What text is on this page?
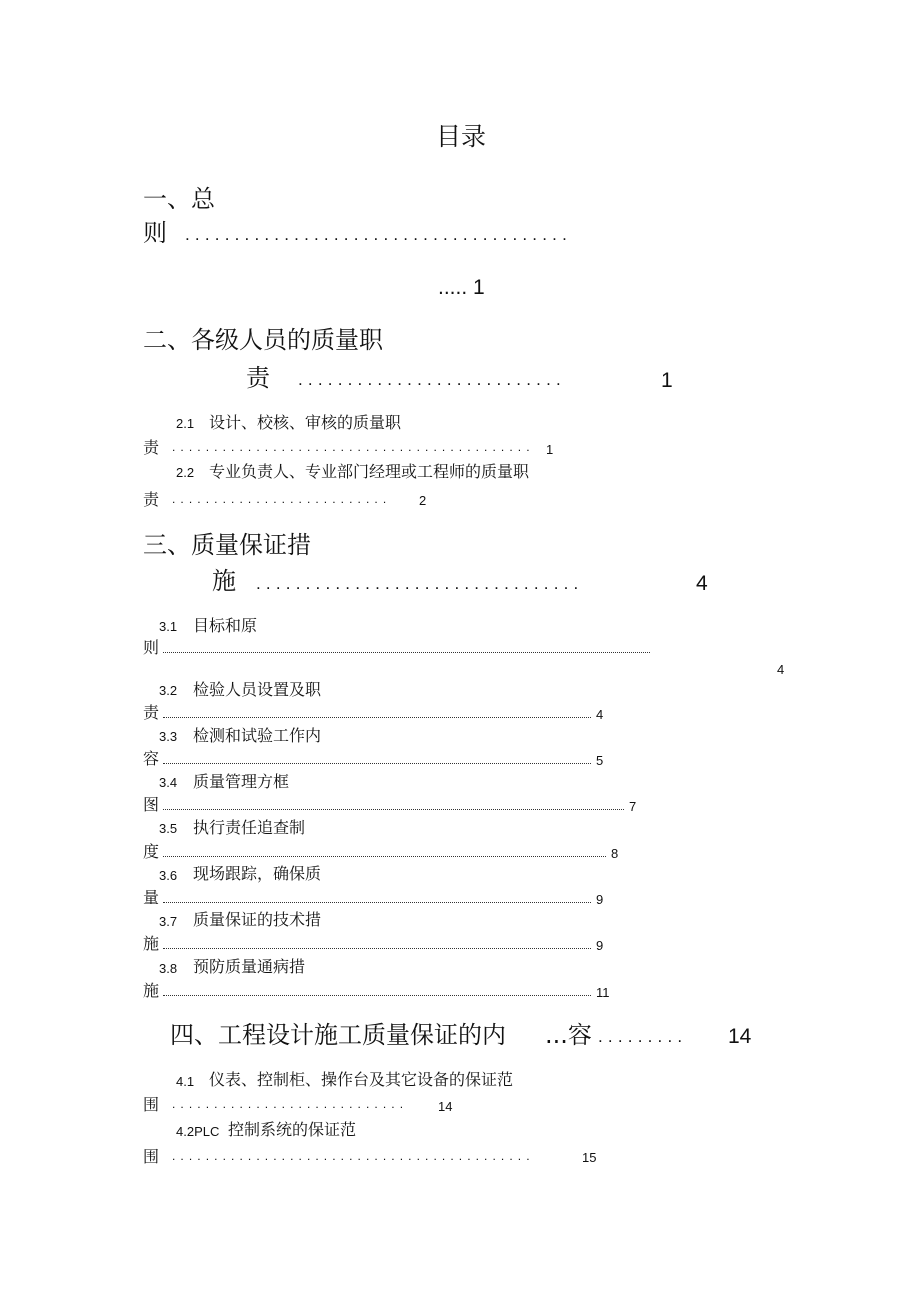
目录
一、总
则 .......................................
..... 1
二、各级人员的质量职
责 ...........................	1
2.1 设计、校核、审核的质量职
责 ........................................... 1
2.2 专业负责人、专业部门经理或工程师的质量职
责 .......................... 2
三、质量保证措
施 .................................	4
3.1 目标和原
则
4
3.2 检验人员设置及职
责	4
3.3 检测和试验工作内
容	5
3.4 质量管理方框
图	7
3.5 执行责任追查制
度	8
3.6 现场跟踪，确保质
量	9
3.7 质量保证的技术措
施	9
3.8 预防质量通病措
施	11
四、工程设计施工质量保证的内 ...容 ......... 14
4.1 仪表、控制柜、操作台及其它设备的保证范
围 ............................ 14
4.2PLC 控制系统的保证范
围 ...........................................	15
